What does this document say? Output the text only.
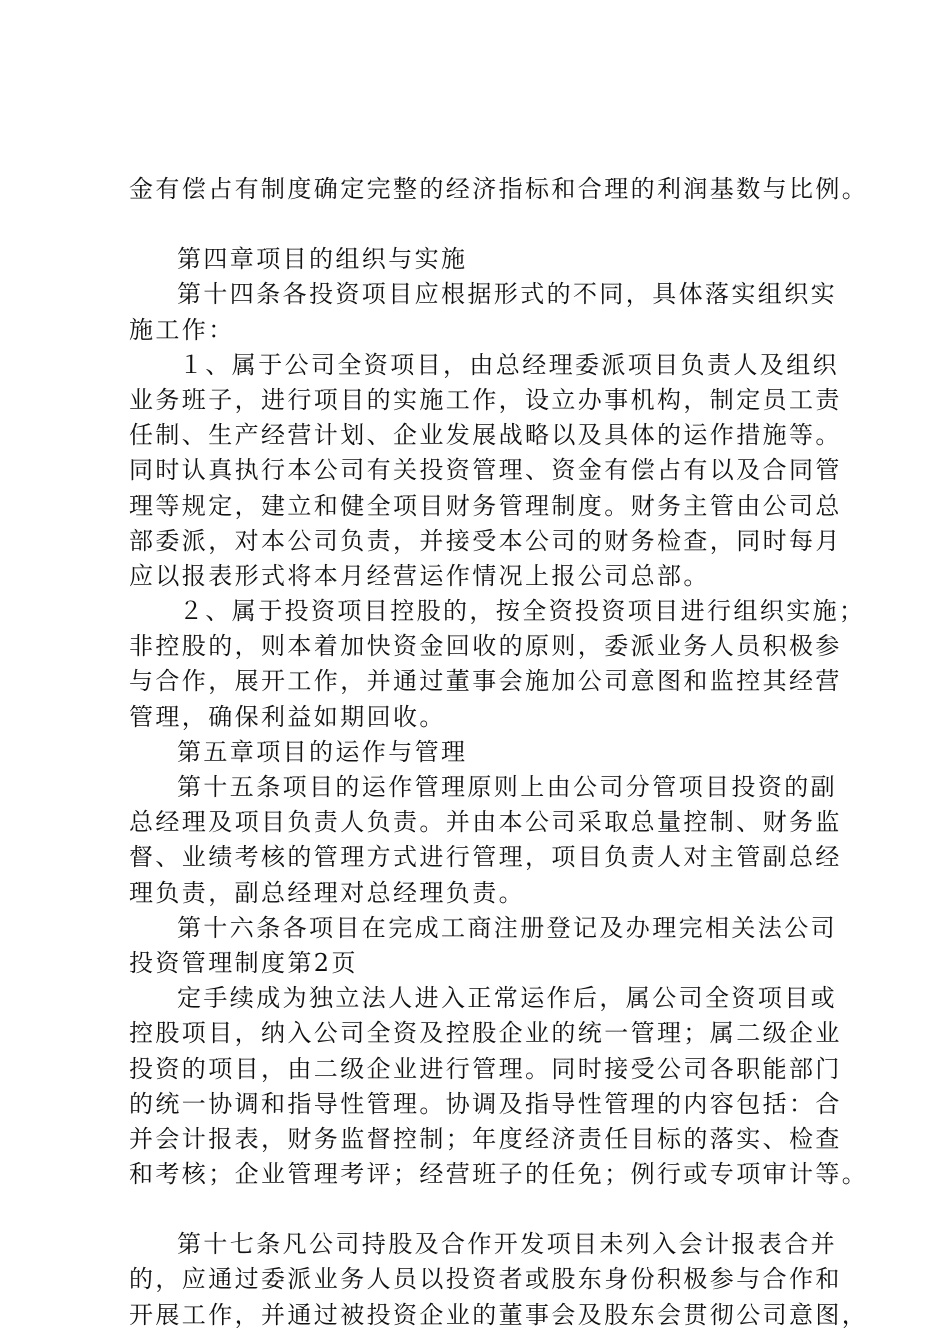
金有偿占有制度确定完整的经济指标和合理的利润基数与比例。
第四章项目的组织与实施
第十四条各投资项目应根据形式的不同，具体落实组织实
施工作：
１、属于公司全资项目，由总经理委派项目负责人及组织
业务班子，进行项目的实施工作，设立办事机构，制定员工责
任制、生产经营计划、企业发展战略以及具体的运作措施等。
同时认真执行本公司有关投资管理、资金有偿占有以及合同管
理等规定，建立和健全项目财务管理制度。财务主管由公司总
部委派，对本公司负责，并接受本公司的财务检查，同时每月
应以报表形式将本月经营运作情况上报公司总部。
２、属于投资项目控股的，按全资投资项目进行组织实施；
非控股的，则本着加快资金回收的原则，委派业务人员积极参
与合作，展开工作，并通过董事会施加公司意图和监控其经营
管理，确保利益如期回收。
第五章项目的运作与管理
第十五条项目的运作管理原则上由公司分管项目投资的副
总经理及项目负责人负责。并由本公司采取总量控制、财务监
督、业绩考核的管理方式进行管理，项目负责人对主管副总经
理负责，副总经理对总经理负责。
第十六条各项目在完成工商注册登记及办理完相关法公司
投资管理制度第2页
定手续成为独立法人进入正常运作后，属公司全资项目或
控股项目，纳入公司全资及控股企业的统一管理；属二级企业
投资的项目，由二级企业进行管理。同时接受公司各职能部门
的统一协调和指导性管理。协调及指导性管理的内容包括：合
并会计报表，财务监督控制；年度经济责任目标的落实、检查
和考核；企业管理考评；经营班子的任免；例行或专项审计等。
第十七条凡公司持股及合作开发项目未列入会计报表合并
的，应通过委派业务人员以投资者或股东身份积极参与合作和
开展工作，并通过被投资企业的董事会及股东会贯彻公司意图，
